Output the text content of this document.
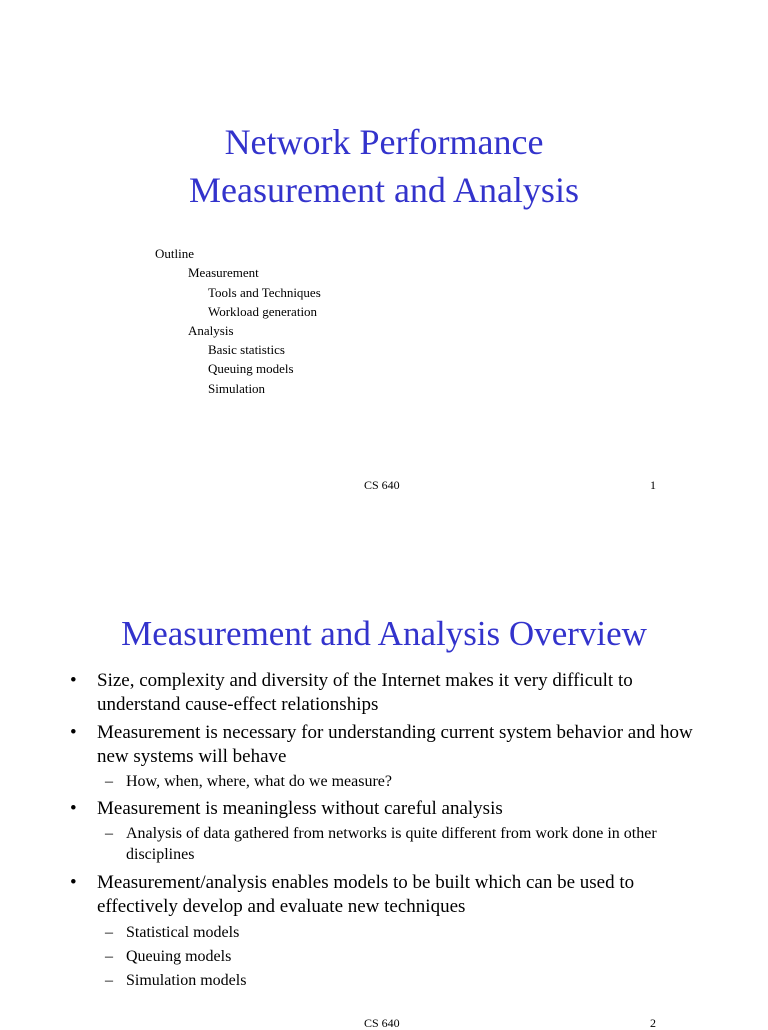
Network Performance
Measurement and Analysis
Outline
Measurement
Tools and Techniques
Workload generation
Analysis
Basic statistics
Queuing models
Simulation
CS 640	1
Measurement and Analysis Overview

• Size, complexity and diversity of the Internet makes it very difficult to understand cause-effect relationships

• Measurement is necessary for understanding current system behavior and how new systems will behave

– How, when, where, what do we measure?

• Measurement is meaningless without careful analysis

– Analysis of data gathered from networks is quite different from work done in other disciplines

• Measurement/analysis enables models to be built which can be used to effectively develop and evaluate new techniques

– Statistical models

– Queuing models

– Simulation models

CS 640	2
